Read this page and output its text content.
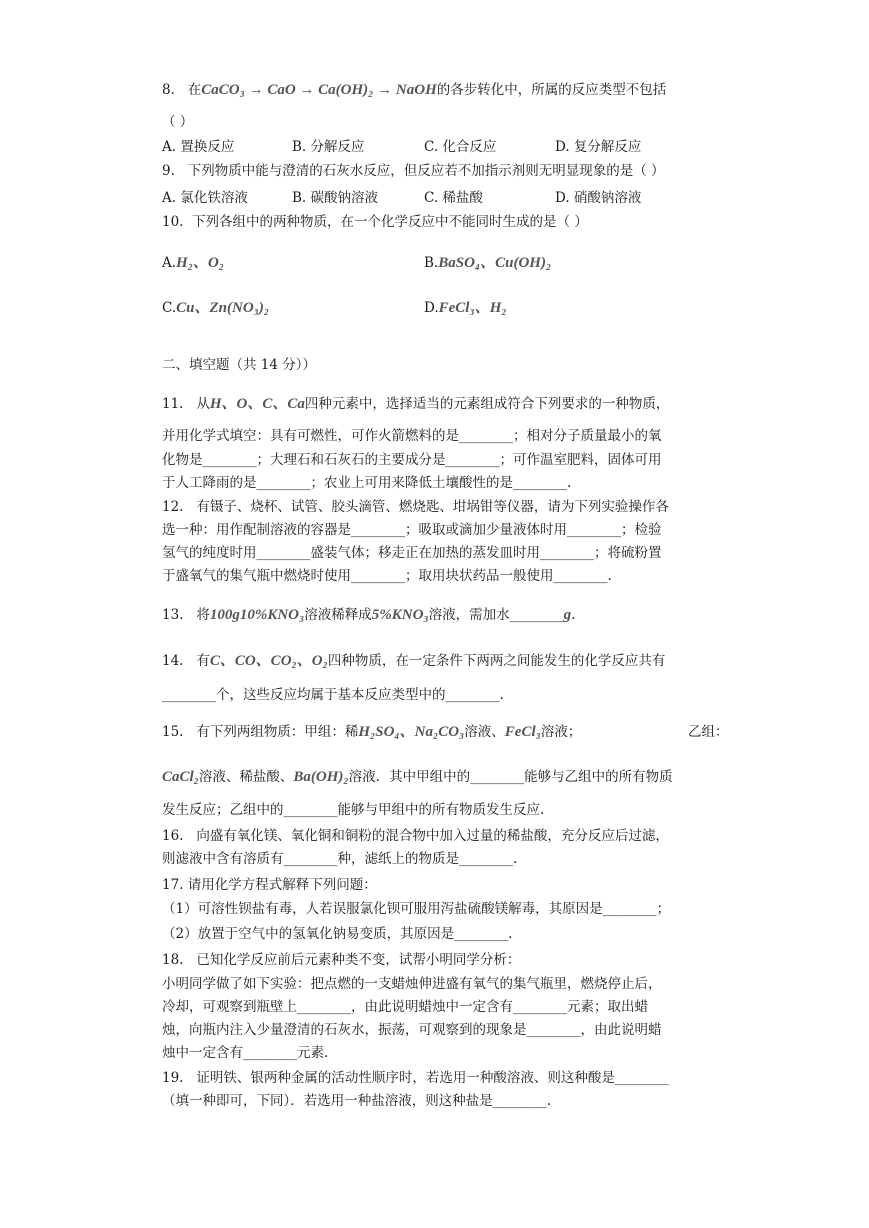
8.   在CaCO₃ → CaO → Ca(OH)₂ → NaOH的各步转化中，所属的反应类型不包括
（ ）
A. 置换反应	B. 分解反应	C. 化合反应	D. 复分解反应
9.   下列物质中能与澄清的石灰水反应，但反应若不加指示剂则无明显现象的是（ ）
A. 氯化铁溶液	B. 碳酸钠溶液	C. 稀盐酸	D. 硝酸钠溶液
10.  下列各组中的两种物质，在一个化学反应中不能同时生成的是（ ）
A.H₂、O₂	B.BaSO₄、Cu(OH)₂
C.Cu、Zn(NO₃)₂	D.FeCl₃、H₂
二、填空题（共 14 分））
11.   从H、O、C、Ca四种元素中，选择适当的元素组成符合下列要求的一种物质，
并用化学式填空：具有可燃性，可作火箭燃料的是________；相对分子质量最小的氧
化物是________；大理石和石灰石的主要成分是________；可作温室肥料，固体可用
于人工降雨的是________；农业上可用来降低土壤酸性的是________.
12.   有镊子、烧杯、试管、胶头滴管、燃烧匙、坩埚钳等仪器，请为下列实验操作各
选一种：用作配制溶液的容器是________；吸取或滴加少量液体时用________；检验
氢气的纯度时用________盛装气体；移走正在加热的蒸发皿时用________；将硫粉置
于盛氧气的集气瓶中燃烧时使用________；取用块状药品一般使用________.
13.   将100g10%KNO₃溶液稀释成5%KNO₃溶液，需加水________g.
14.   有C、CO、CO₂、O₂四种物质，在一定条件下两两之间能发生的化学反应共有
________个，这些反应均属于基本反应类型中的________.
15.   有下列两组物质：甲组：稀H₂SO₄、Na₂CO₃溶液、FeCl₃溶液；	乙组：
CaCl₂溶液、稀盐酸、Ba(OH)₂溶液．其中甲组中的________能够与乙组中的所有物质
发生反应；乙组中的________能够与甲组中的所有物质发生反应.
16.   向盛有氧化镁、氧化铜和铜粉的混合物中加入过量的稀盐酸，充分反应后过滤，
则滤液中含有溶质有________种，滤纸上的物质是________.
17. 请用化学方程式解释下列问题：
（1）可溶性钡盐有毒，人若误服氯化钡可服用泻盐硫酸镁解毒，其原因是________；
（2）放置于空气中的氢氧化钠易变质，其原因是________.
18.   已知化学反应前后元素种类不变，试帮小明同学分析：
小明同学做了如下实验：把点燃的一支蜡烛伸进盛有氧气的集气瓶里，燃烧停止后，
冷却，可观察到瓶壁上________，由此说明蜡烛中一定含有________元素；取出蜡
烛，向瓶内注入少量澄清的石灰水，振荡，可观察到的现象是________，由此说明蜡
烛中一定含有________元素.
19.   证明铁、银两种金属的活动性顺序时，若选用一种酸溶液、则这种酸是________
（填一种即可，下同）．若选用一种盐溶液，则这种盐是________.
